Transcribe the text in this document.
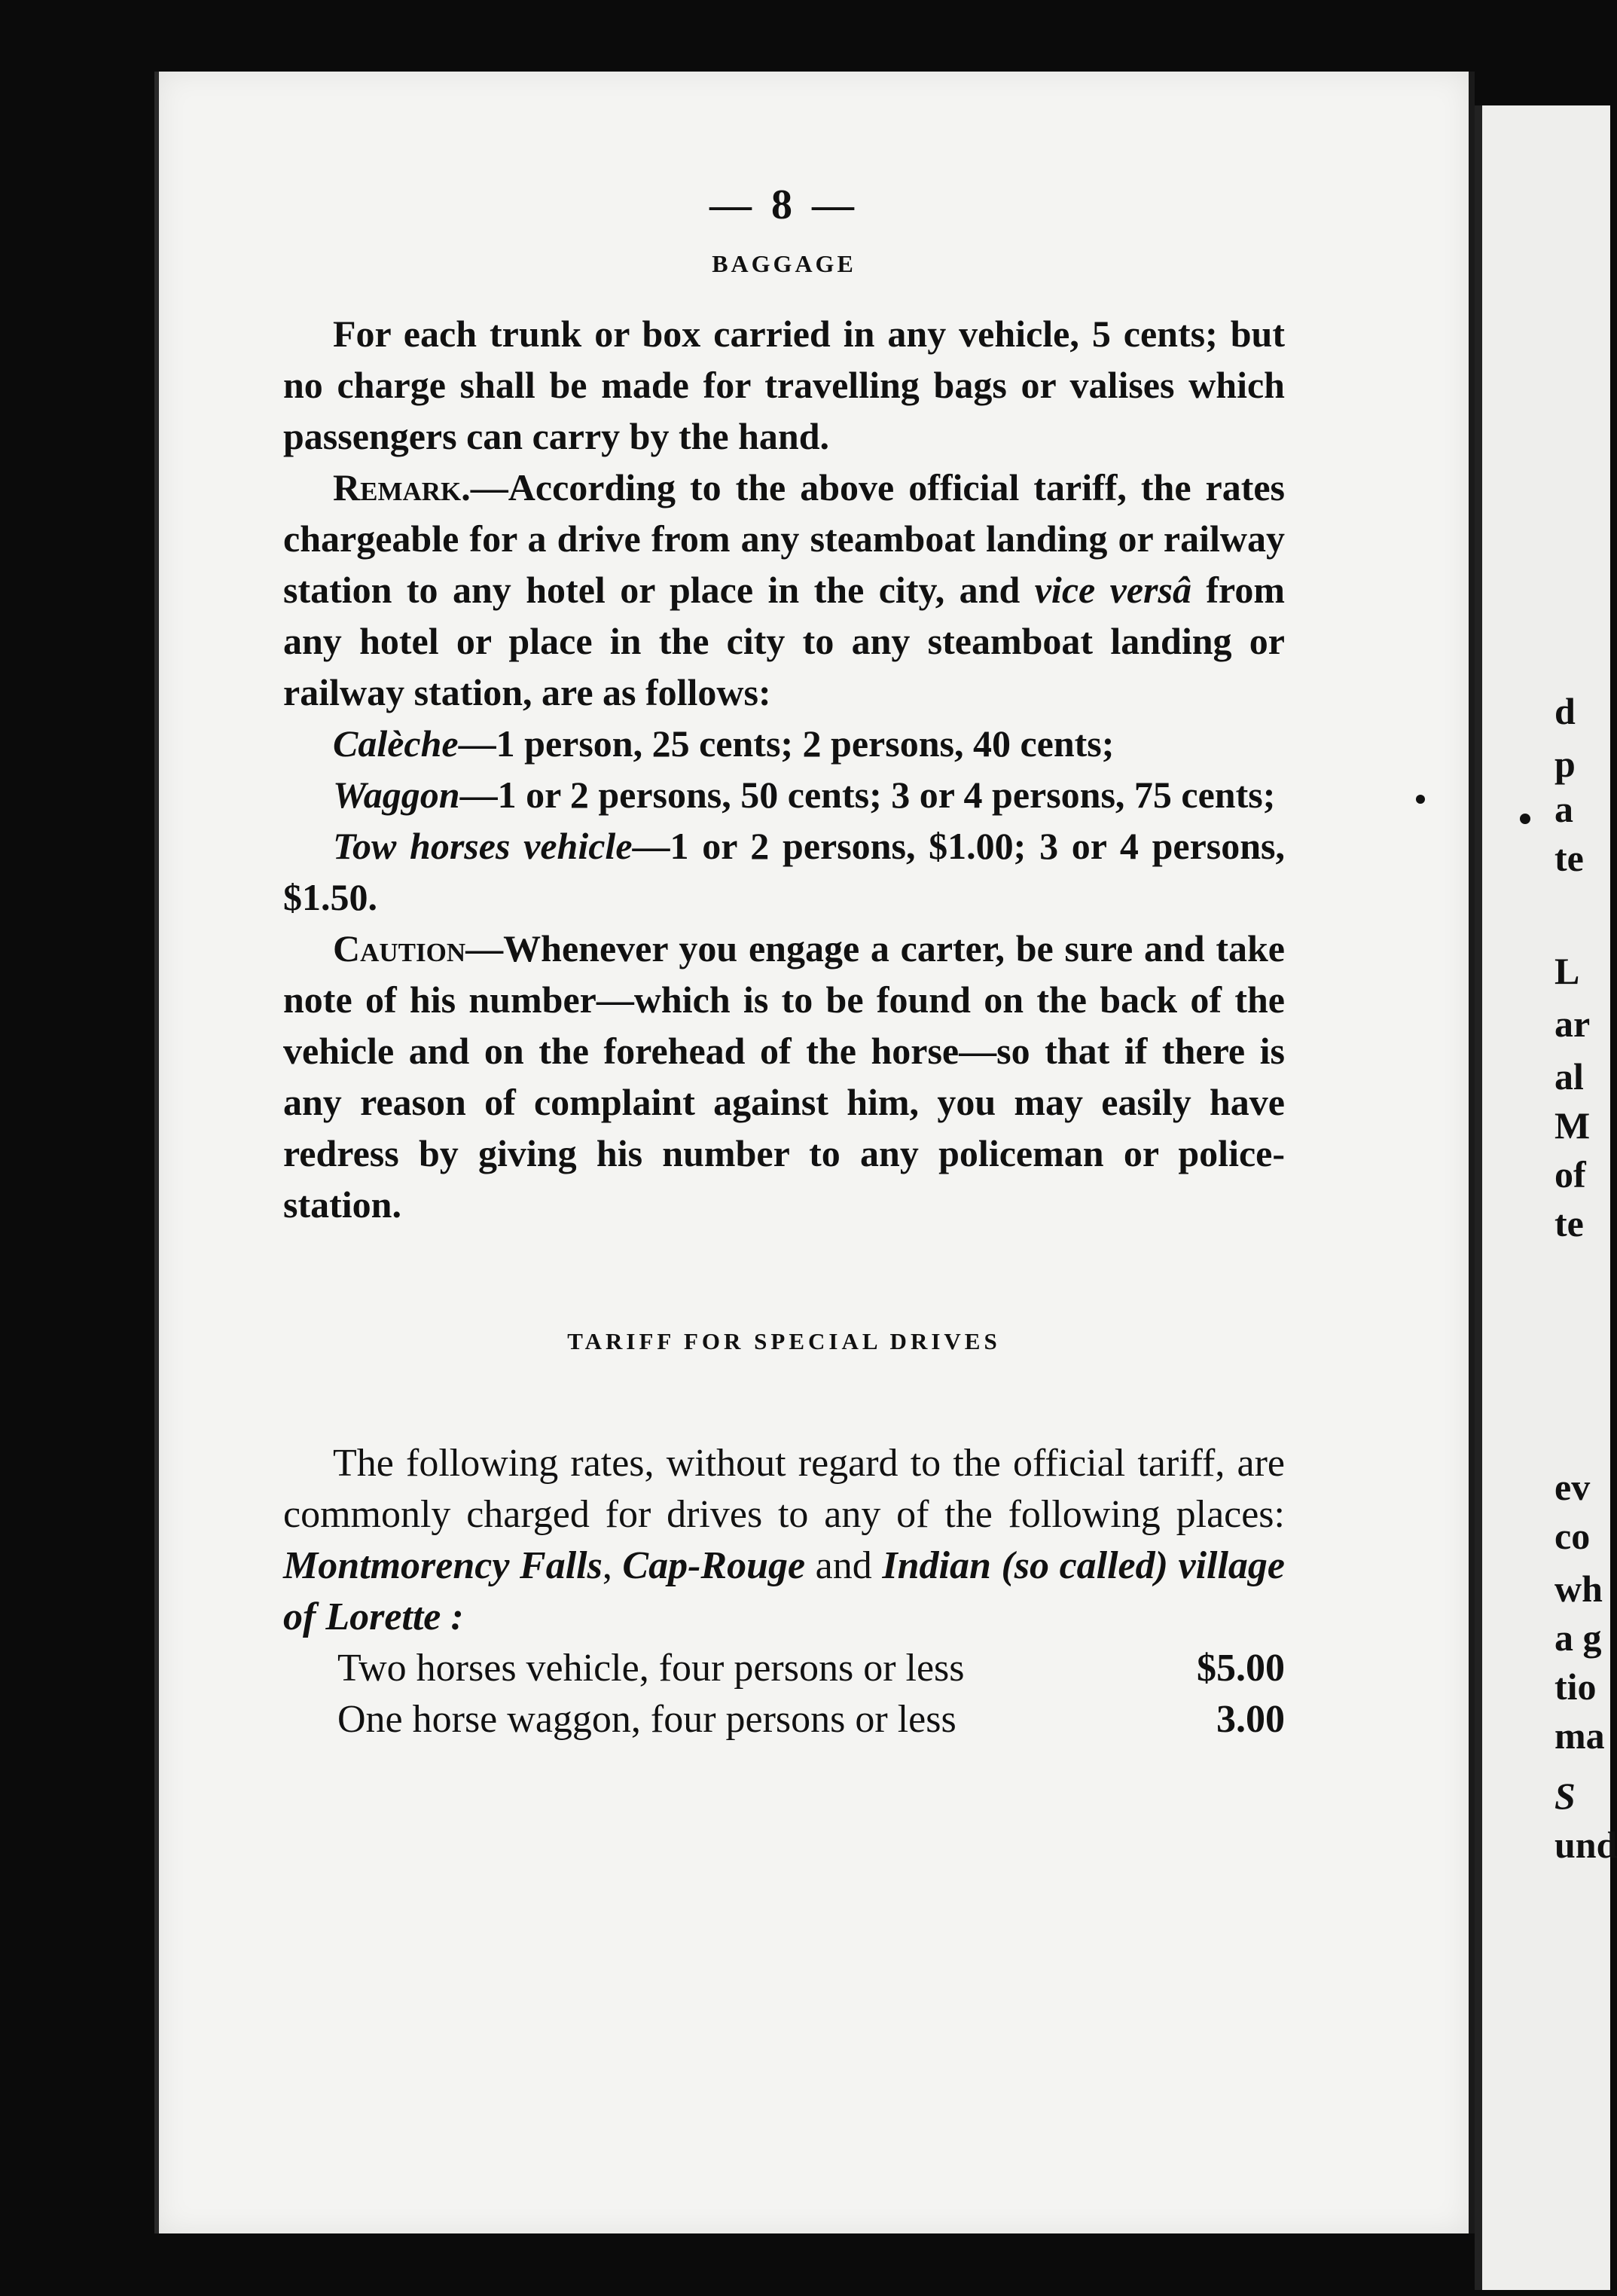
d
p
a
te
L
ar
al
M
of
te
ev
co
wh
a g
tio
ma
S
und
— 8 —
BAGGAGE

For each trunk or box carried in any vehicle, 5 cents; but no charge shall be made for travelling bags or valises which passengers can carry by the hand.

Remark.—According to the above official tariff, the rates chargeable for a drive from any steamboat landing or railway station to any hotel or place in the city, and vice versâ from any hotel or place in the city to any steamboat landing or railway station, are as follows:

Calèche—1 person, 25 cents; 2 persons, 40 cents;

Waggon—1 or 2 persons, 50 cents; 3 or 4 persons, 75 cents;

Tow horses vehicle—1 or 2 persons, $1.00; 3 or 4 persons, $1.50.

Caution—Whenever you engage a carter, be sure and take note of his number—which is to be found on the back of the vehicle and on the forehead of the horse—so that if there is any reason of complaint against him, you may easily have redress by giving his number to any policeman or police-station.

TARIFF FOR SPECIAL DRIVES

The following rates, without regard to the official tariff, are commonly charged for drives to any of the following places: Montmorency Falls, Cap-Rouge and Indian (so called) village of Lorette :

Two horses vehicle, four persons or less	$5.00
One horse waggon, four persons or less	3.00
